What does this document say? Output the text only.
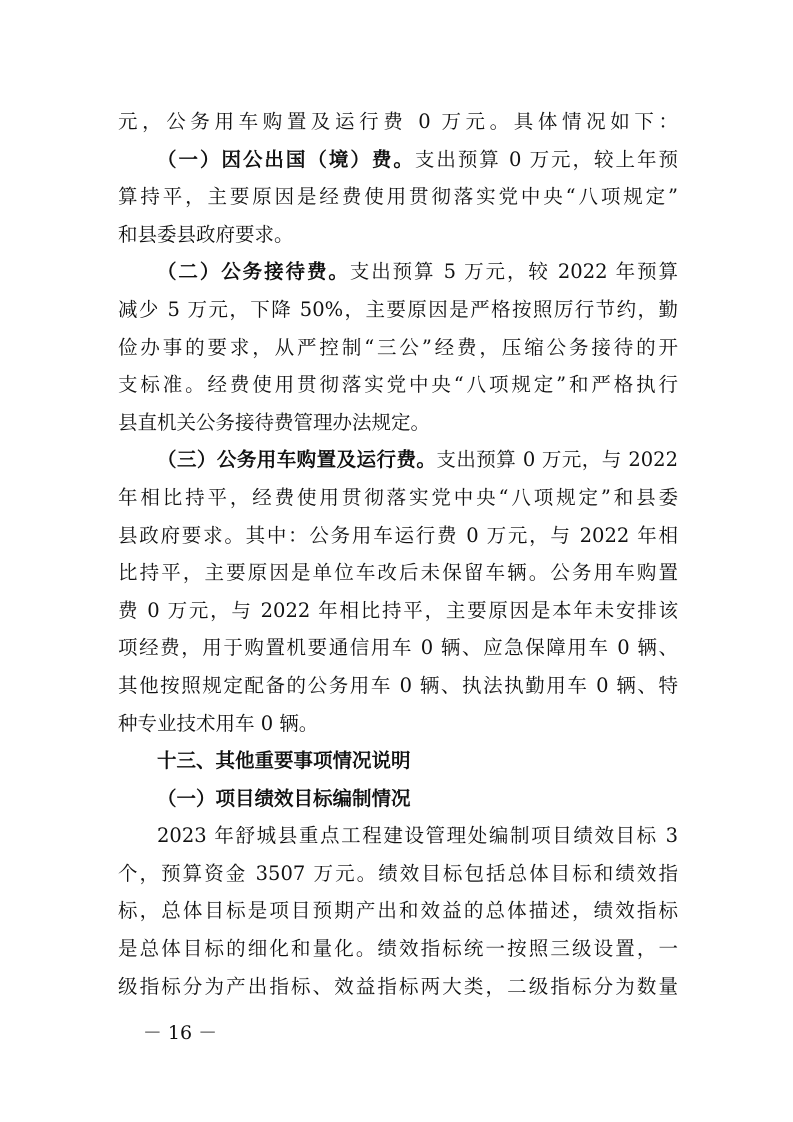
元，公务用车购置及运行费 0 万元。具体情况如下：
（一）因公出国（境）费。支出预算 0 万元，较上年预
算持平，主要原因是经费使用贯彻落实党中央“八项规定”
和县委县政府要求。
（二）公务接待费。支出预算 5 万元，较 2022 年预算
减少 5 万元，下降 50%，主要原因是严格按照厉行节约，勤
俭办事的要求，从严控制“三公”经费，压缩公务接待的开
支标准。经费使用贯彻落实党中央“八项规定”和严格执行
县直机关公务接待费管理办法规定。
（三）公务用车购置及运行费。支出预算 0 万元，与 2022
年相比持平，经费使用贯彻落实党中央“八项规定”和县委
县政府要求。其中：公务用车运行费 0 万元，与 2022 年相
比持平，主要原因是单位车改后未保留车辆。公务用车购置
费 0 万元，与 2022 年相比持平，主要原因是本年未安排该
项经费，用于购置机要通信用车 0 辆、应急保障用车 0 辆、
其他按照规定配备的公务用车 0 辆、执法执勤用车 0 辆、特
种专业技术用车 0 辆。
十三、其他重要事项情况说明
（一）项目绩效目标编制情况
2023 年舒城县重点工程建设管理处编制项目绩效目标 3
个，预算资金 3507 万元。绩效目标包括总体目标和绩效指
标，总体目标是项目预期产出和效益的总体描述，绩效指标
是总体目标的细化和量化。绩效指标统一按照三级设置，一
级指标分为产出指标、效益指标两大类，二级指标分为数量
－ 16 －
